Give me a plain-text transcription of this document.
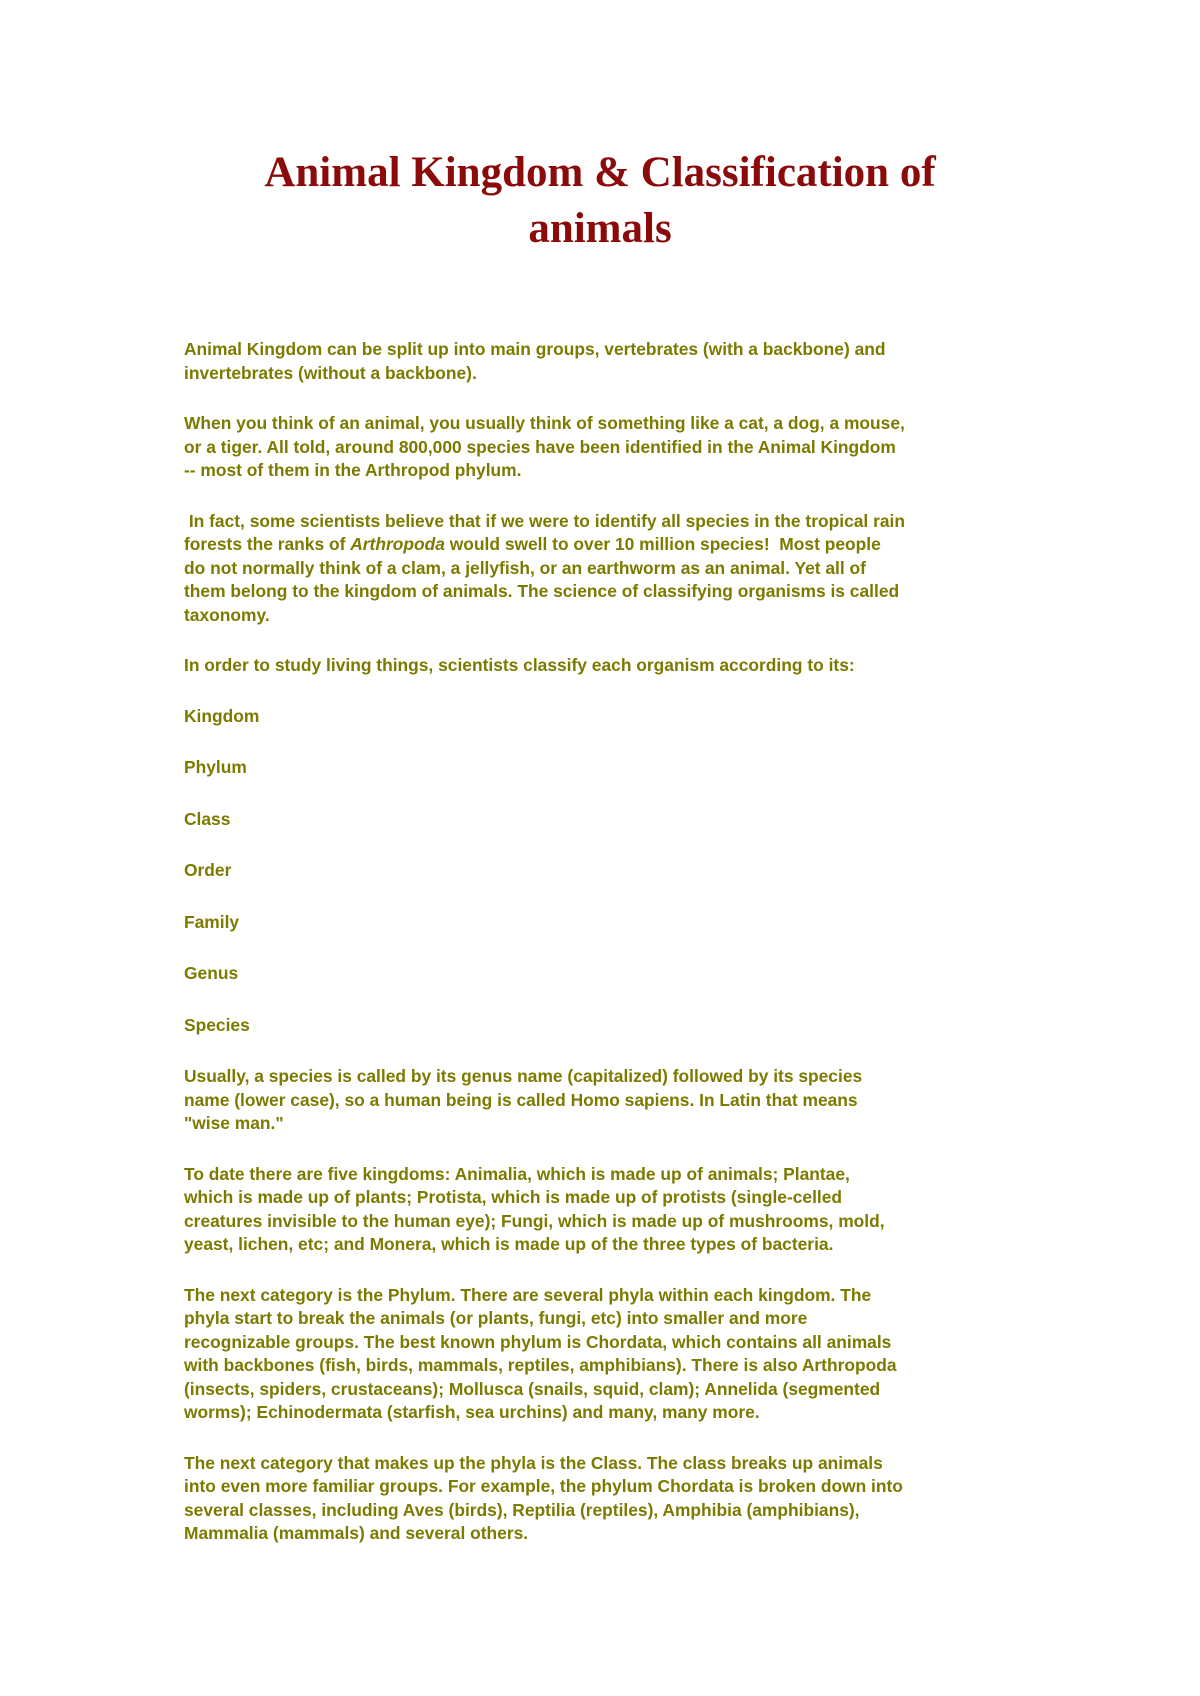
Animal Kingdom & Classification of
animals

Animal Kingdom can be split up into main groups, vertebrates (with a backbone) and
invertebrates (without a backbone).

When you think of an animal, you usually think of something like a cat, a dog, a mouse,
or a tiger. All told, around 800,000 species have been identified in the Animal Kingdom
-- most of them in the Arthropod phylum.

In fact, some scientists believe that if we were to identify all species in the tropical rain
forests the ranks of Arthropoda would swell to over 10 million species!  Most people
do not normally think of a clam, a jellyfish, or an earthworm as an animal. Yet all of
them belong to the kingdom of animals. The science of classifying organisms is called
taxonomy.

In order to study living things, scientists classify each organism according to its:

Kingdom

Phylum

Class

Order

Family

Genus

Species

Usually, a species is called by its genus name (capitalized) followed by its species
name (lower case), so a human being is called Homo sapiens. In Latin that means
"wise man."

To date there are five kingdoms: Animalia, which is made up of animals; Plantae,
which is made up of plants; Protista, which is made up of protists (single-celled
creatures invisible to the human eye); Fungi, which is made up of mushrooms, mold,
yeast, lichen, etc; and Monera, which is made up of the three types of bacteria.

The next category is the Phylum. There are several phyla within each kingdom. The
phyla start to break the animals (or plants, fungi, etc) into smaller and more
recognizable groups. The best known phylum is Chordata, which contains all animals
with backbones (fish, birds, mammals, reptiles, amphibians). There is also Arthropoda
(insects, spiders, crustaceans); Mollusca (snails, squid, clam); Annelida (segmented
worms); Echinodermata (starfish, sea urchins) and many, many more.

The next category that makes up the phyla is the Class. The class breaks up animals
into even more familiar groups. For example, the phylum Chordata is broken down into
several classes, including Aves (birds), Reptilia (reptiles), Amphibia (amphibians),
Mammalia (mammals) and several others.
